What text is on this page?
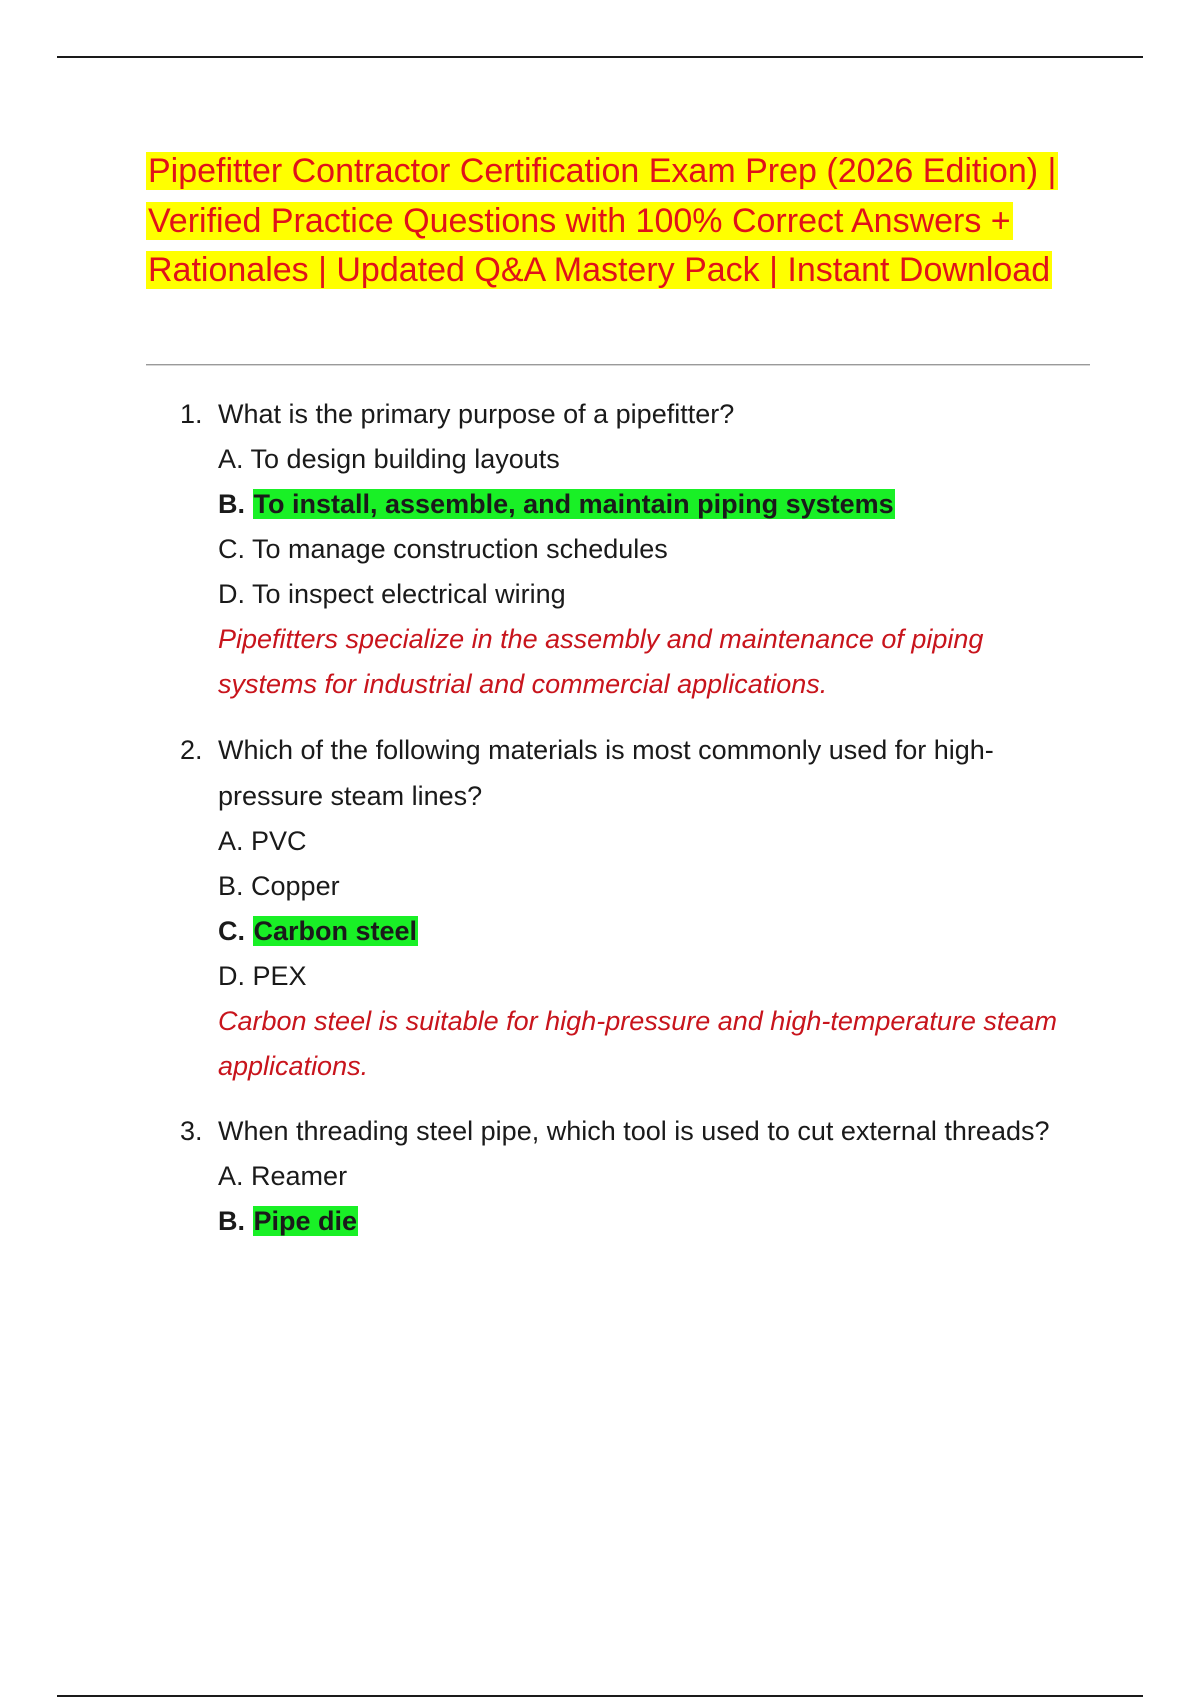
Pipefitter Contractor Certification Exam Prep (2026 Edition) | Verified Practice Questions with 100% Correct Answers + Rationales | Updated Q&A Mastery Pack | Instant Download
1. What is the primary purpose of a pipefitter?
A. To design building layouts
B. To install, assemble, and maintain piping systems
C. To manage construction schedules
D. To inspect electrical wiring
Pipefitters specialize in the assembly and maintenance of piping systems for industrial and commercial applications.
2. Which of the following materials is most commonly used for high-pressure steam lines?
A. PVC
B. Copper
C. Carbon steel
D. PEX
Carbon steel is suitable for high-pressure and high-temperature steam applications.
3. When threading steel pipe, which tool is used to cut external threads?
A. Reamer
B. Pipe die
